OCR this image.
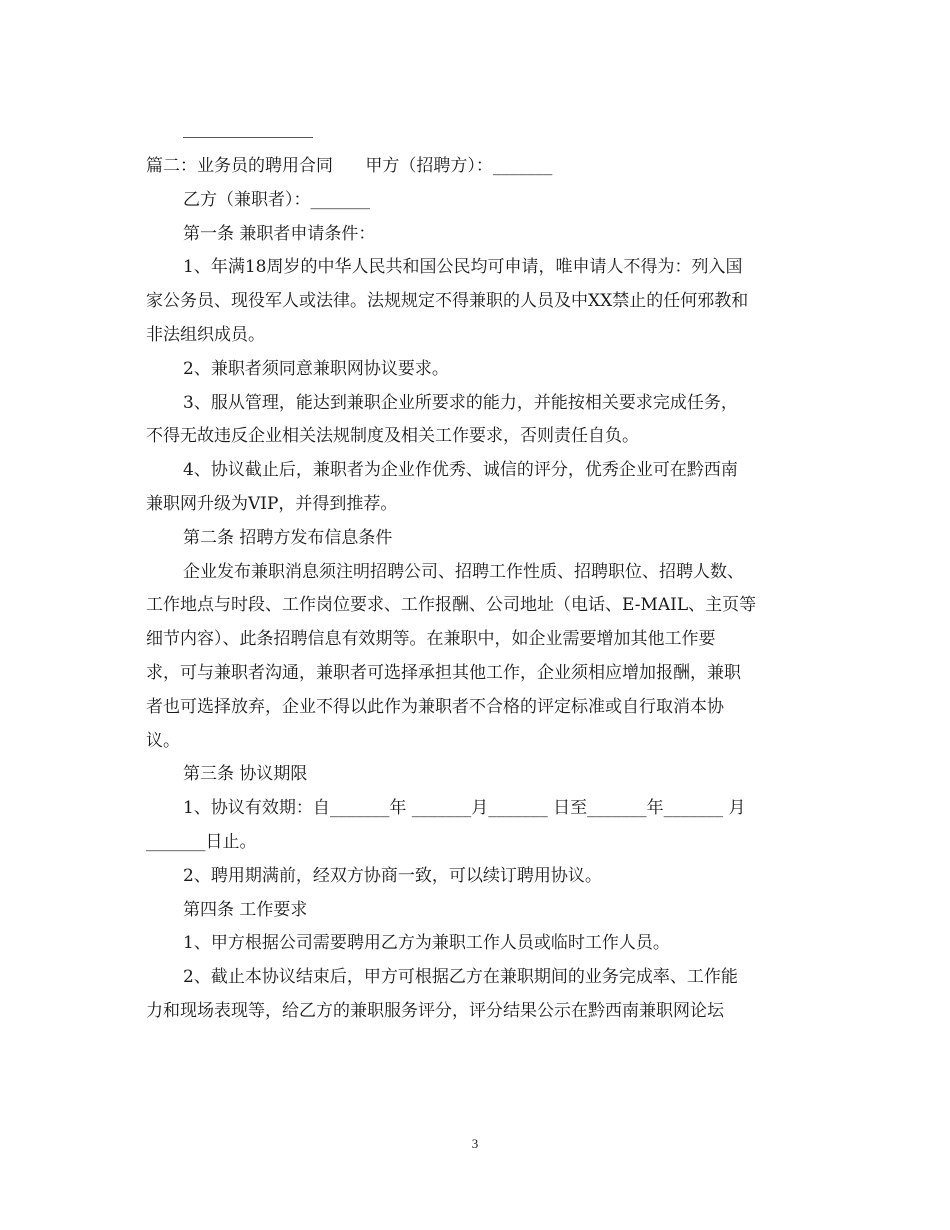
篇二：业务员的聘用合同      甲方（招聘方）：_______
乙方（兼职者）：_______
第一条 兼职者申请条件：
1、年满18周岁的中华人民共和国公民均可申请，唯申请人不得为：列入国
家公务员、现役军人或法律。法规规定不得兼职的人员及中XX禁止的任何邪教和
非法组织成员。
2、兼职者须同意兼职网协议要求。
3、服从管理，能达到兼职企业所要求的能力，并能按相关要求完成任务，
不得无故违反企业相关法规制度及相关工作要求，否则责任自负。
4、协议截止后，兼职者为企业作优秀、诚信的评分，优秀企业可在黔西南
兼职网升级为VIP，并得到推荐。
第二条 招聘方发布信息条件
企业发布兼职消息须注明招聘公司、招聘工作性质、招聘职位、招聘人数、
工作地点与时段、工作岗位要求、工作报酬、公司地址（电话、E-MAIL、主页等
细节内容）、此条招聘信息有效期等。在兼职中，如企业需要增加其他工作要
求，可与兼职者沟通，兼职者可选择承担其他工作，企业须相应增加报酬，兼职
者也可选择放弃，企业不得以此作为兼职者不合格的评定标准或自行取消本协
议。
第三条 协议期限
1、协议有效期：自_______年 _______月_______ 日至_______年_______ 月
_______日止。
2、聘用期满前，经双方协商一致，可以续订聘用协议。
第四条 工作要求
1、甲方根据公司需要聘用乙方为兼职工作人员或临时工作人员。
2、截止本协议结束后，甲方可根据乙方在兼职期间的业务完成率、工作能
力和现场表现等，给乙方的兼职服务评分，评分结果公示在黔西南兼职网论坛
3
